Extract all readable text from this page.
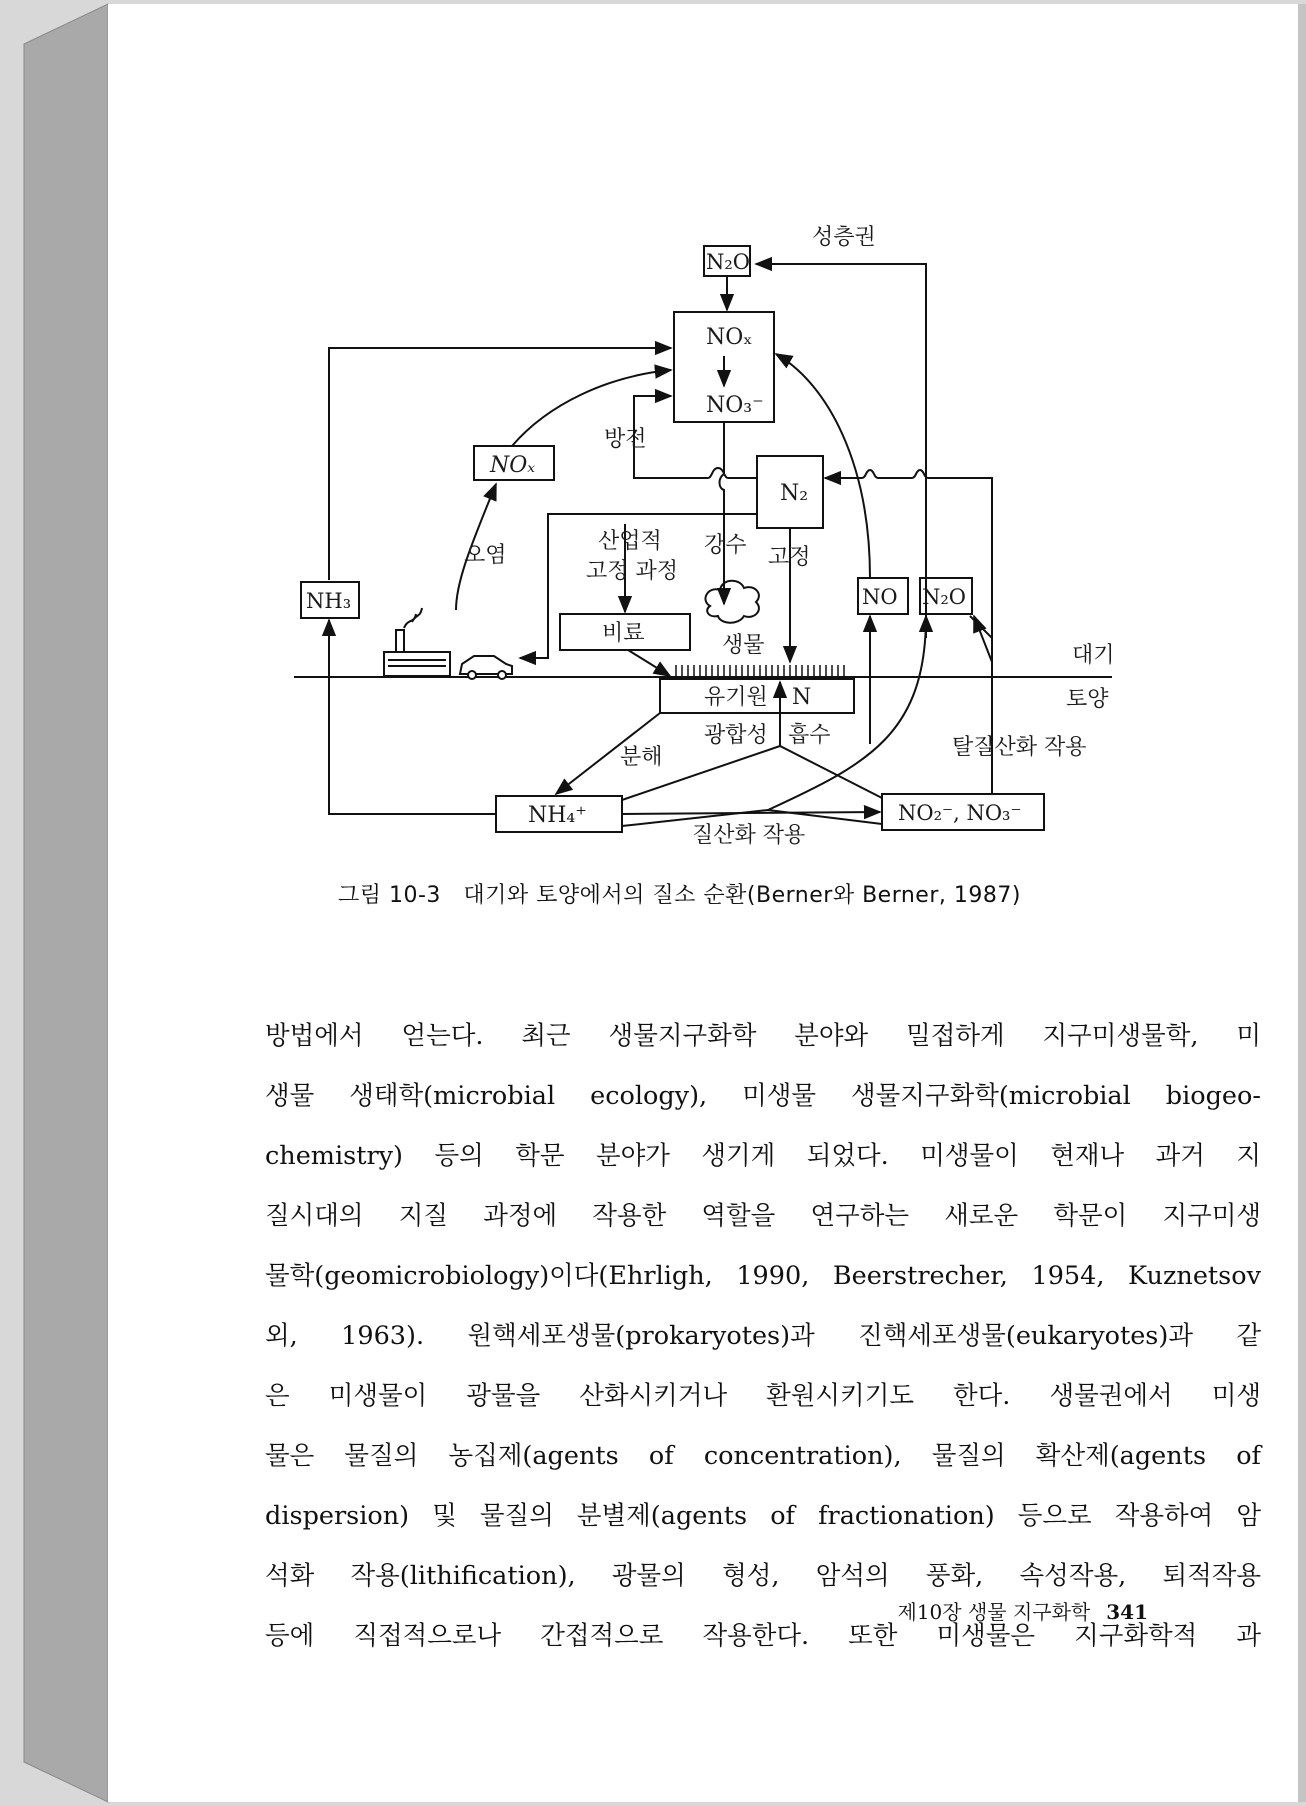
성층권
N₂O
NOₓ
NO₃⁻
방전
NOₓ
오염
N₂
산업적
고정 과정
강수 고정
NH₃
비료	생물
NO N₂O
대기
토양
유기원 N
분해
광합성 흡수	탈질산화 작용
NH₄⁺	NO₂⁻, NO₃⁻
질산화 작용
그림 10-3 대기와 토양에서의 질소 순환(Berner와 Berner, 1987)
방법에서 얻는다. 최근 생물지구화학 분야와 밀접하게 지구미생물학, 미
생물 생태학(microbial ecology), 미생물 생물지구화학(microbial biogeo-
chemistry) 등의 학문 분야가 생기게 되었다. 미생물이 현재나 과거 지
질시대의 지질 과정에 작용한 역할을 연구하는 새로운 학문이 지구미생
물학(geomicrobiology)이다(Ehrligh, 1990, Beerstrecher, 1954, Kuznetsov
외, 1963). 원핵세포생물(prokaryotes)과 진핵세포생물(eukaryotes)과 같
은 미생물이 광물을 산화시키거나 환원시키기도 한다. 생물권에서 미생
물은 물질의 농집제(agents of concentration), 물질의 확산제(agents of
dispersion) 및 물질의 분별제(agents of fractionation) 등으로 작용하여 암
석화 작용(lithification), 광물의 형성, 암석의 풍화, 속성작용, 퇴적작용
등에 직접적으로나 간접적으로 작용한다. 또한 미생물은 지구화학적 과
제10장 생물 지구화학 341
